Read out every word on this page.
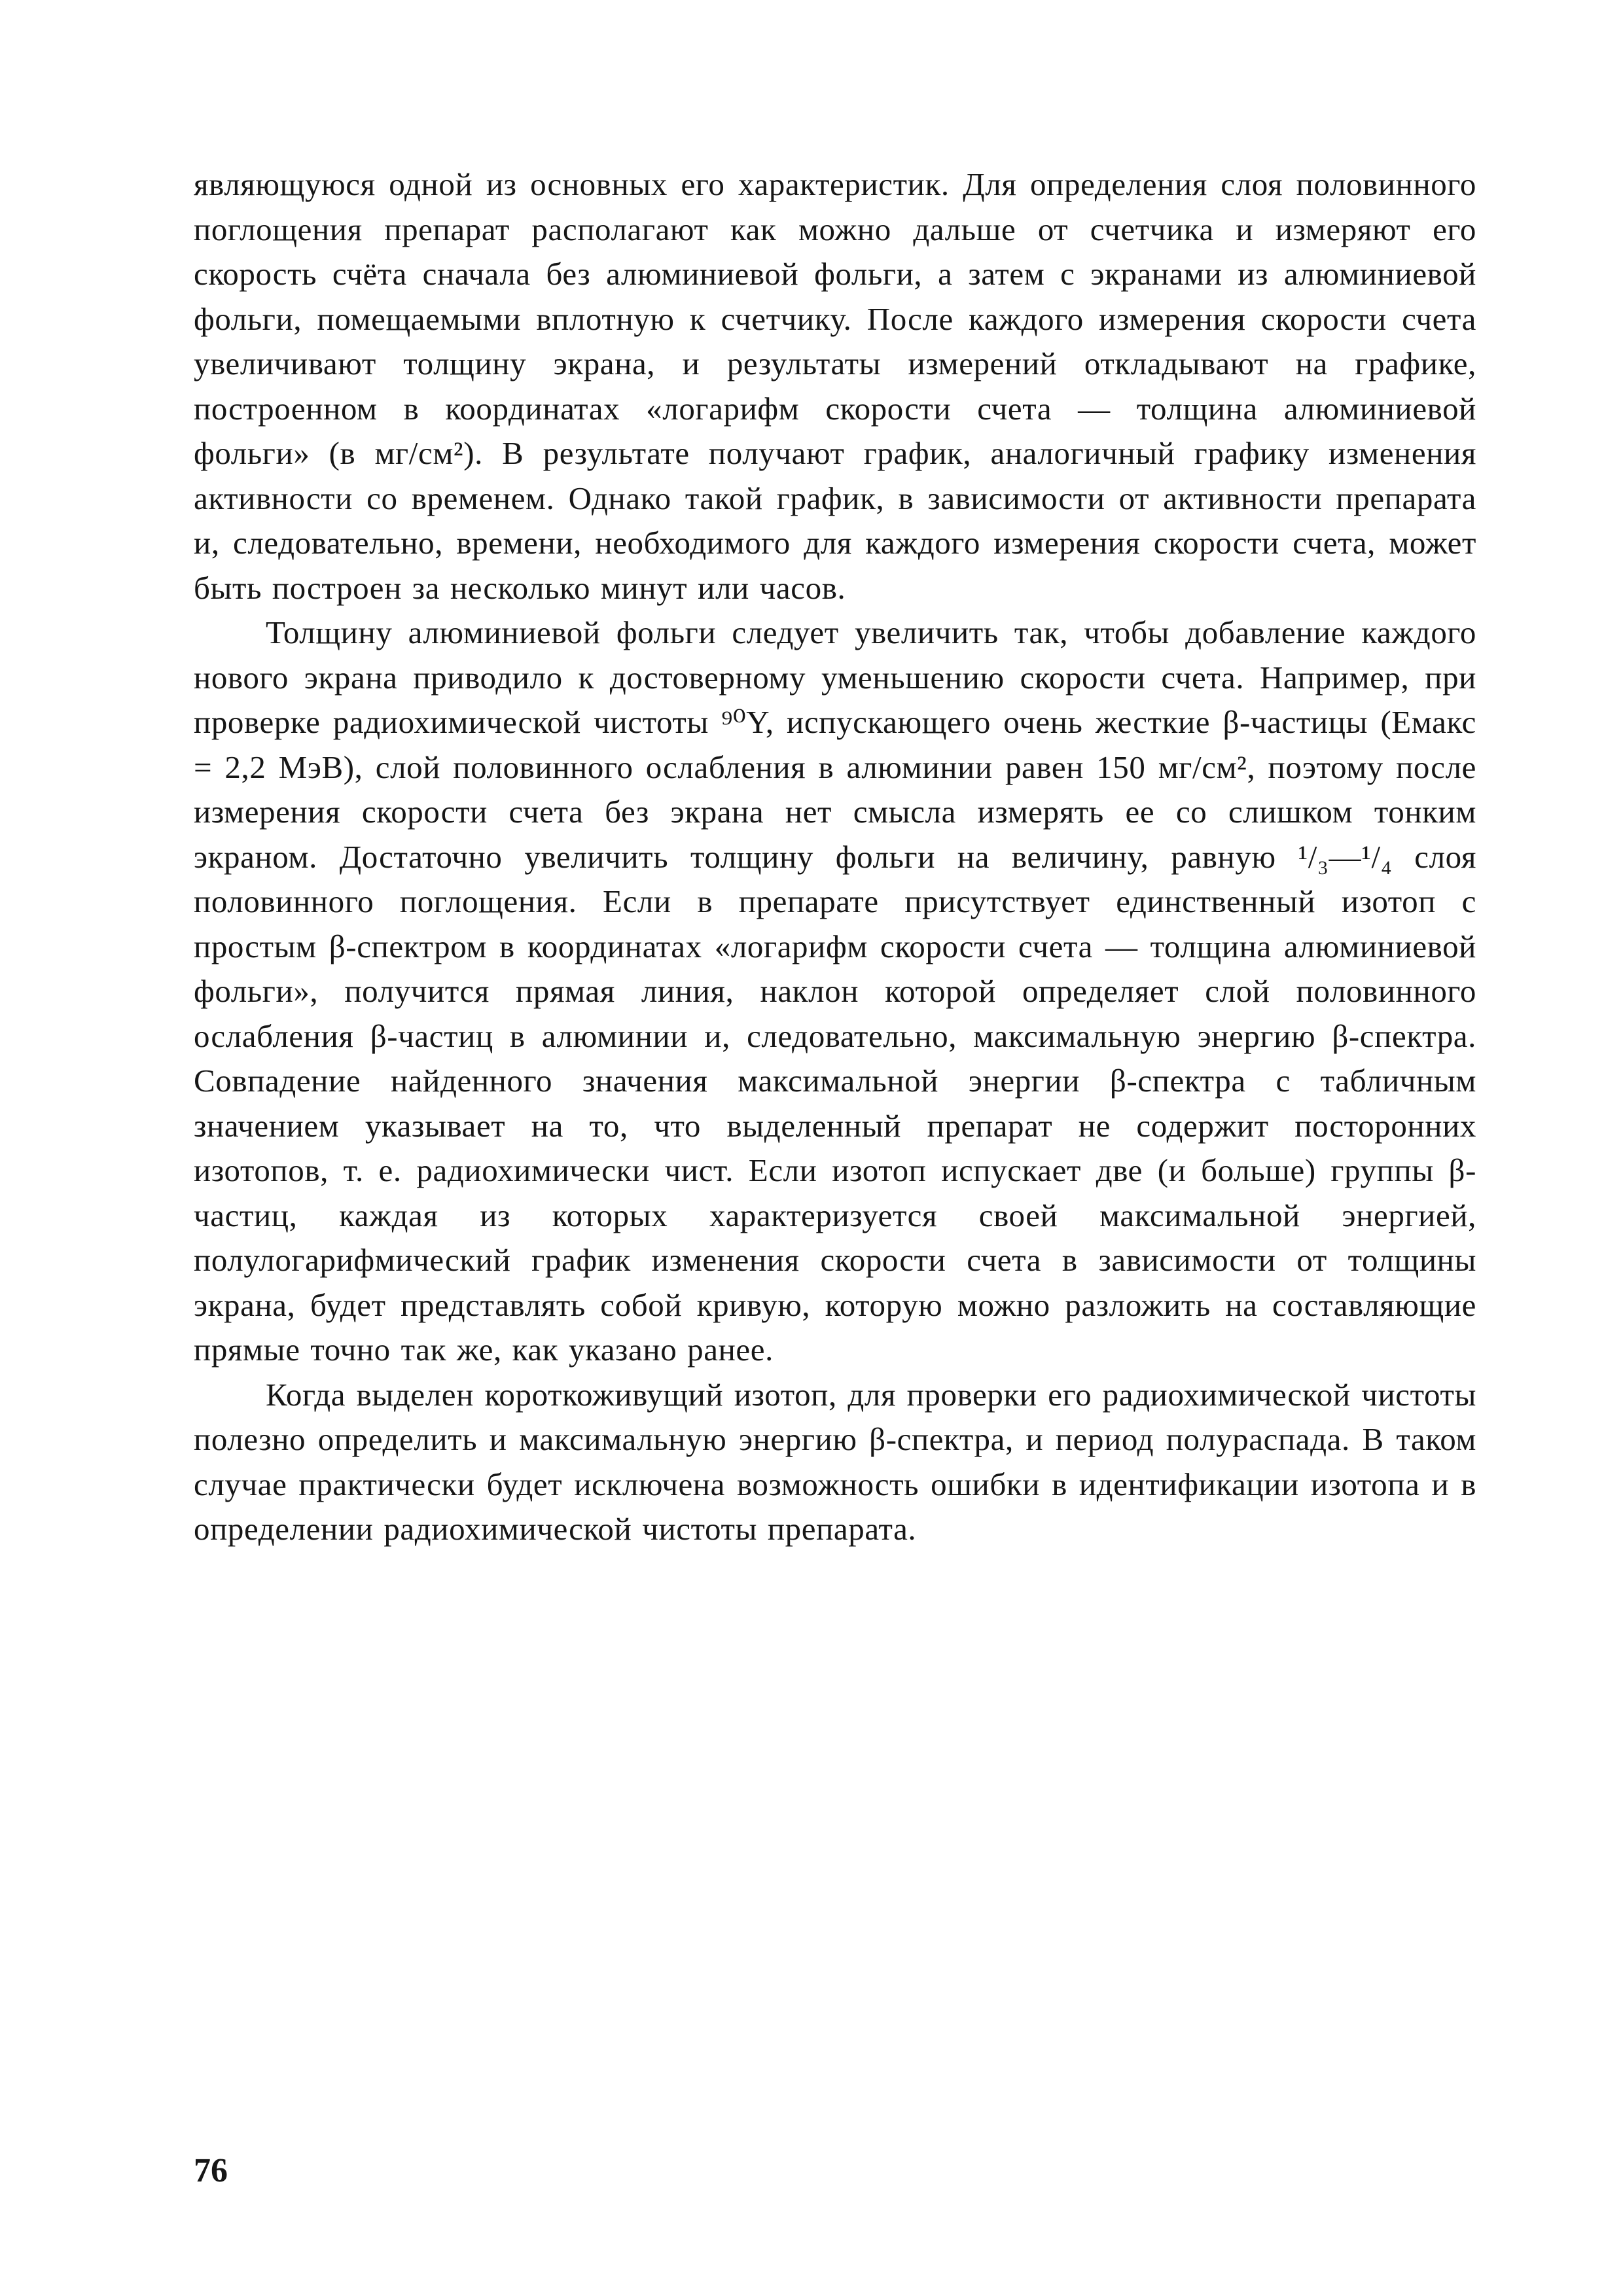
являющуюся одной из основных его характеристик. Для определения слоя половинного поглощения препарат располагают как можно дальше от счетчика и измеряют его скорость счёта сначала без алюминиевой фольги, а затем с экранами из алюминиевой фольги, помещаемыми вплотную к счетчику. После каждого измерения скорости счета увеличивают толщину экрана, и результаты измерений откладывают на графике, построенном в координатах «логарифм скорости счета — толщина алюминиевой фольги» (в мг/см²). В результате получают график, аналогичный графику изменения активности со временем. Однако такой график, в зависимости от активности препарата и, следовательно, времени, необходимого для каждого измерения скорости счета, может быть построен за несколько минут или часов.

Толщину алюминиевой фольги следует увеличить так, чтобы добавление каждого нового экрана приводило к достоверному уменьшению скорости счета. Например, при проверке радиохимической чистоты ⁹⁰Y, испускающего очень жесткие β-частицы (Eмакс = 2,2 МэВ), слой половинного ослабления в алюминии равен 150 мг/см², поэтому после измерения скорости счета без экрана нет смысла измерять ее со слишком тонким экраном. Достаточно увеличить толщину фольги на величину, равную ¹/₃—¹/₄ слоя половинного поглощения. Если в препарате присутствует единственный изотоп с простым β-спектром в координатах «логарифм скорости счета — толщина алюминиевой фольги», получится прямая линия, наклон которой определяет слой половинного ослабления β-частиц в алюминии и, следовательно, максимальную энергию β-спектра. Совпадение найденного значения максимальной энергии β-спектра с табличным значением указывает на то, что выделенный препарат не содержит посторонних изотопов, т. е. радиохимически чист. Если изотоп испускает две (и больше) группы β-частиц, каждая из которых характеризуется своей максимальной энергией, полулогарифмический график изменения скорости счета в зависимости от толщины экрана, будет представлять собой кривую, которую можно разложить на составляющие прямые точно так же, как указано ранее.

Когда выделен короткоживущий изотоп, для проверки его радиохимической чистоты полезно определить и максимальную энергию β-спектра, и период полураспада. В таком случае практически будет исключена возможность ошибки в идентификации изотопа и в определении радиохимической чистоты препарата.

76
